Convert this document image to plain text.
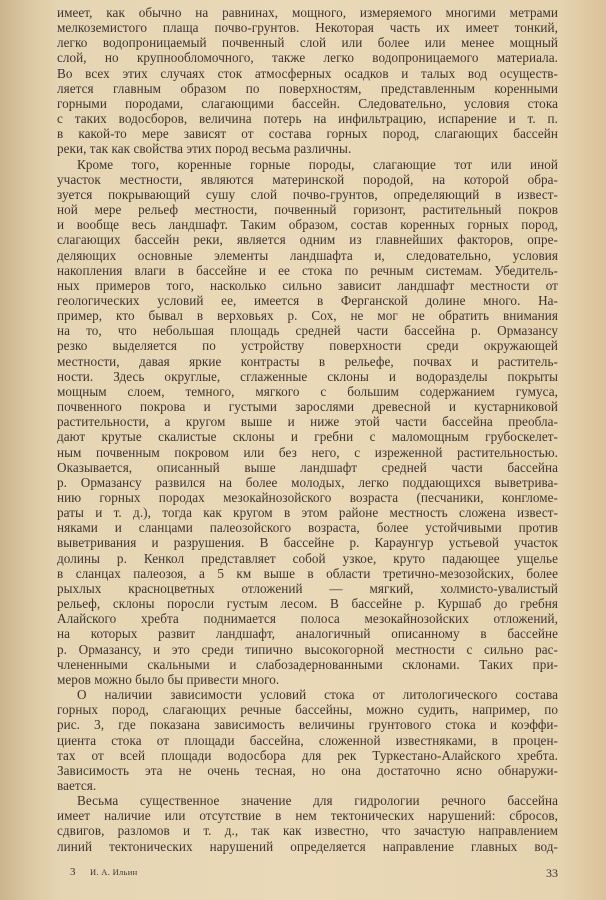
имеет, как обычно на равнинах, мощного, измеряемого многими метрами
мелкоземистого плаща почво-грунтов. Некоторая часть их имеет тонкий,
легко водопроницаемый почвенный слой или более или менее мощный
слой, но крупнообломочного, также легко водопроницаемого материала.
Во всех этих случаях сток атмосферных осадков и талых вод осуществ-
ляется главным образом по поверхностям, представленным коренными
горными породами, слагающими бассейн. Следовательно, условия стока
с таких водосборов, величина потерь на инфильтрацию, испарение и т. п.
в какой-то мере зависят от состава горных пород, слагающих бассейн
реки, так как свойства этих пород весьма различны.
Кроме того, коренные горные породы, слагающие тот или иной
участок местности, являются материнской породой, на которой обра-
зуется покрывающий сушу слой почво-грунтов, определяющий в извест-
ной мере рельеф местности, почвенный горизонт, растительный покров
и вообще весь ландшафт. Таким образом, состав коренных горных пород,
слагающих бассейн реки, является одним из главнейших факторов, опре-
деляющих основные элементы ландшафта и, следовательно, условия
накопления влаги в бассейне и ее стока по речным системам. Убедитель-
ных примеров того, насколько сильно зависит ландшафт местности от
геологических условий ее, имеется в Ферганской долине много. На-
пример, кто бывал в верховьях р. Сох, не мог не обратить внимания
на то, что небольшая площадь средней части бассейна р. Ормазансу
резко выделяется по устройству поверхности среди окружающей
местности, давая яркие контрасты в рельефе, почвах и раститель-
ности. Здесь округлые, сглаженные склоны и водоразделы покрыты
мощным слоем, темного, мягкого с большим содержанием гумуса,
почвенного покрова и густыми зарослями древесной и кустарниковой
растительности, а кругом выше и ниже этой части бассейна преобла-
дают крутые скалистые склоны и гребни с маломощным грубоскелет-
ным почвенным покровом или без него, с изреженной растительностью.
Оказывается, описанный выше ландшафт средней части бассейна
р. Ормазансу развился на более молодых, легко поддающихся выветрива-
нию горных породах мезокайнозойского возраста (песчаники, конгломе-
раты и т. д.), тогда как кругом в этом районе местность сложена извест-
няками и сланцами палеозойского возраста, более устойчивыми против
выветривания и разрушения. В бассейне р. Караунгур устьевой участок
долины р. Кенкол представляет собой узкое, круто падающее ущелье
в сланцах палеозоя, а 5 км выше в области третично-мезозойских, более
рыхлых красноцветных отложений — мягкий, холмисто-увалистый
рельеф, склоны поросли густым лесом. В бассейне р. Куршаб до гребня
Алайского хребта поднимается полоса мезокайнозойских отложений,
на которых развит ландшафт, аналогичный описанному в бассейне
р. Ормазансу, и это среди типично высокогорной местности с сильно рас-
члененными скальными и слабозадернованными склонами. Таких при-
меров можно было бы привести много.
О наличии зависимости условий стока от литологического состава
горных пород, слагающих речные бассейны, можно судить, например, по
рис. 3, где показана зависимость величины грунтового стока и коэффи-
циента стока от площади бассейна, сложенной известняками, в процен-
тах от всей площади водосбора для рек Туркестано-Алайского хребта.
Зависимость эта не очень тесная, но она достаточно ясно обнаружи-
вается.
Весьма существенное значение для гидрологии речного бассейна
имеет наличие или отсутствие в нем тектонических нарушений: сбросов,
сдвигов, разломов и т. д., так как известно, что зачастую направлением
линий тектонических нарушений определяется направление главных вод-
3 И. А. Ильин	33
